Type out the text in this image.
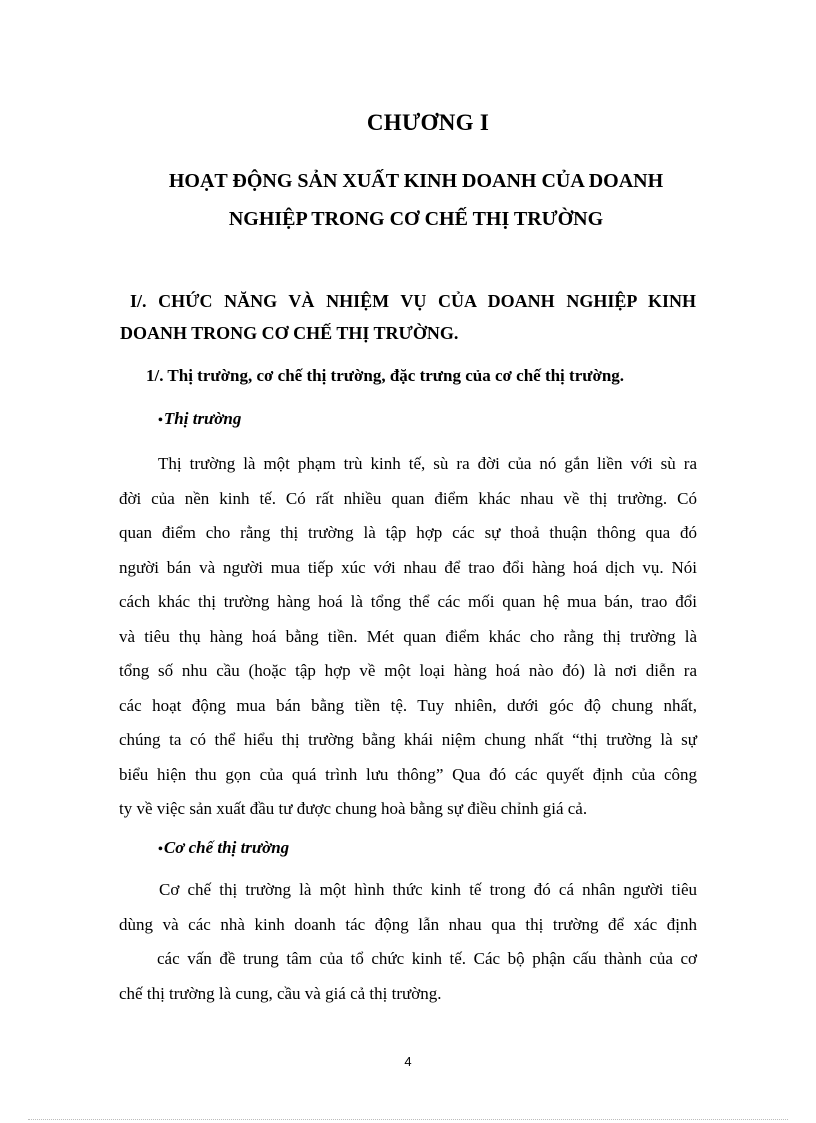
CHƯƠNG I
HOẠT ĐỘNG SẢN XUẤT KINH DOANH CỦA DOANH
NGHIỆP TRONG CƠ CHẾ THỊ TRƯỜNG
I/. CHỨC NĂNG VÀ NHIỆM VỤ CỦA DOANH NGHIỆP KINH
DOANH TRONG CƠ CHẾ THỊ TRƯỜNG.
1/. Thị trường, cơ chế thị trường, đặc trưng của cơ chế thị trường.
•Thị trường
Thị trường là một phạm trù kinh tế, sù ra đời của nó gắn liền với sù ra
đời của nền kinh tế. Có rất nhiều quan điểm khác nhau về thị trường. Có
quan điểm cho rằng thị trường là tập hợp các sự thoả thuận thông qua đó
người bán và người mua tiếp xúc với nhau để trao đổi hàng hoá dịch vụ. Nói
cách khác thị trường hàng hoá là tổng thể các mối quan hệ mua bán, trao đổi
và tiêu thụ hàng hoá bằng tiền. Mét quan điểm khác cho rằng thị trường là
tổng số nhu cầu (hoặc tập hợp về một loại hàng hoá nào đó) là nơi diễn ra
các hoạt động mua bán bằng tiền tệ. Tuy nhiên, dưới góc độ chung nhất,
chúng ta có thể hiểu thị trường bằng khái niệm chung nhất “thị trường là sự
biểu hiện thu gọn của quá trình lưu thông” Qua đó các quyết định của công
ty về việc sản xuất đầu tư được chung hoà bằng sự điều chỉnh giá cả.
•Cơ chế thị trường
Cơ chế thị trường là một hình thức kinh tế trong đó cá nhân người tiêu
dùng và các nhà kinh doanh tác động lẫn nhau qua thị trường để xác định
các vấn đề trung tâm của tổ chức kinh tế. Các bộ phận cấu thành của cơ
chế thị trường là cung, cầu và giá cả thị trường.
4
